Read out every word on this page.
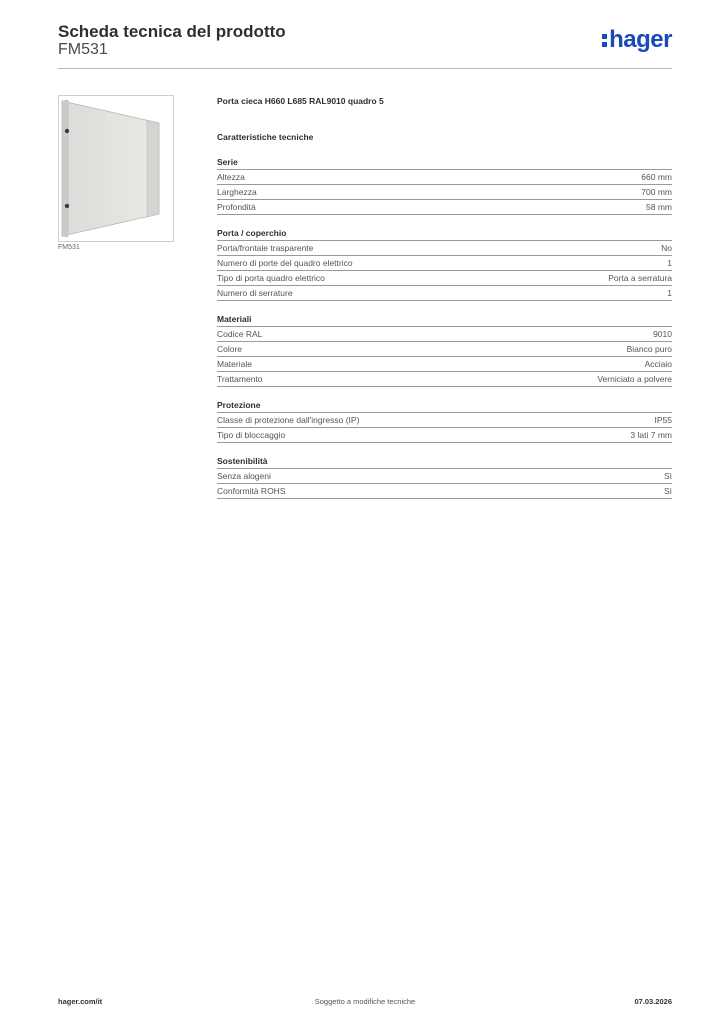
Scheda tecnica del prodotto
FM531	hager
FM531
Porta cieca H660 L685 RAL9010 quadro 5
Caratteristiche tecniche
Serie
Altezza	660 mm
Larghezza	700 mm
Profondità	58 mm
Porta / coperchio
Porta/frontale trasparente	No
Numero di porte del quadro elettrico	1
Tipo di porta quadro elettrico	Porta a serratura
Numero di serrature	1
Materiali
Codice RAL	9010
Colore	Bianco puro
Materiale	Acciaio
Trattamento	Verniciato a polvere
Protezione
Classe di protezione dall'ingresso (IP)	IP55
Tipo di bloccaggio	3 lati 7 mm
Sostenibilità
Senza alogeni	Sì
Conformità ROHS	Sì
hager.com/it	Soggetto a modifiche tecniche	07.03.2026
